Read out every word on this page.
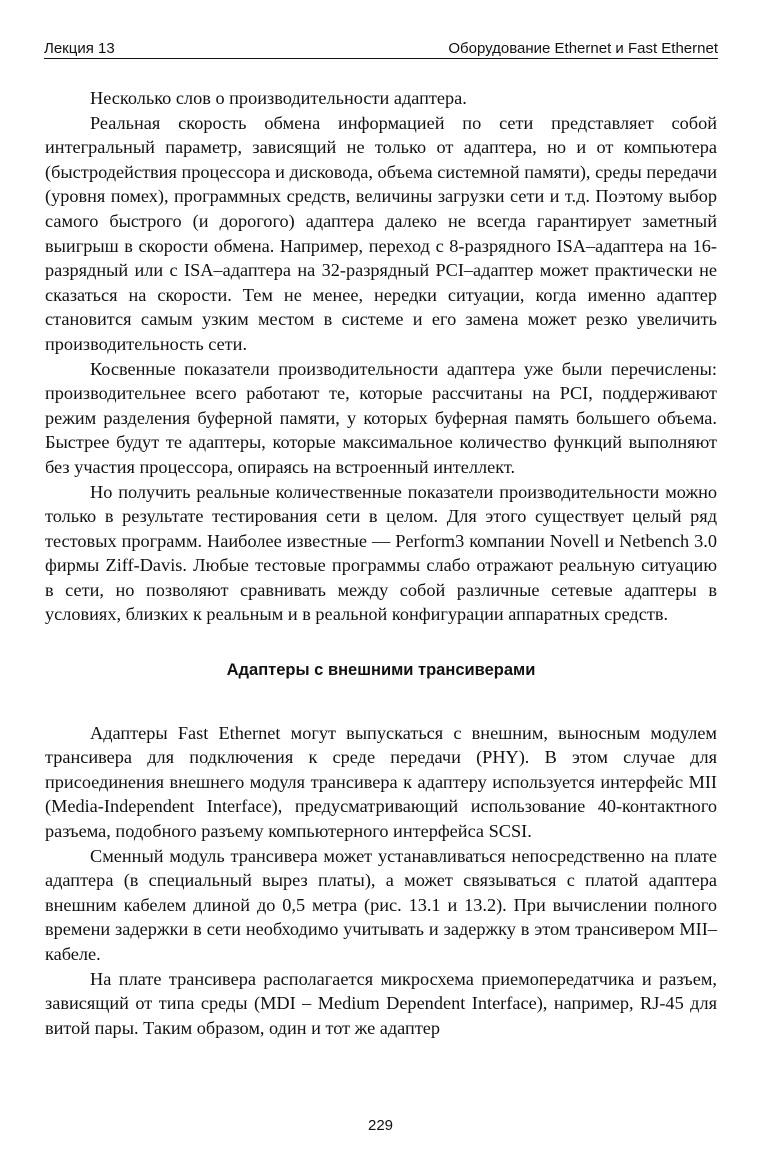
Лекция 13	Оборудование Ethernet и Fast Ethernet

Несколько слов о производительности адаптера.

Реальная скорость обмена информацией по сети представляет собой интегральный параметр, зависящий не только от адаптера, но и от компьютера (быстродействия процессора и дисковода, объема системной памяти), среды передачи (уровня помех), программных средств, величины загрузки сети и т.д. Поэтому выбор самого быстрого (и дорогого) адаптера далеко не всегда гарантирует заметный выигрыш в скорости обмена. Например, переход с 8-разрядного ISA–адаптера на 16-разрядный или с ISA–адаптера на 32-разрядный PCI–адаптер может практически не сказаться на скорости. Тем не менее, нередки ситуации, когда именно адаптер становится самым узким местом в системе и его замена может резко увеличить производительность сети.

Косвенные показатели производительности адаптера уже были перечислены: производительнее всего работают те, которые рассчитаны на PCI, поддерживают режим разделения буферной памяти, у которых буферная память большего объема. Быстрее будут те адаптеры, которые максимальное количество функций выполняют без участия процессора, опираясь на встроенный интеллект.

Но получить реальные количественные показатели производительности можно только в результате тестирования сети в целом. Для этого существует целый ряд тестовых программ. Наиболее известные — Perform3 компании Novell и Netbench 3.0 фирмы Ziff-Davis. Любые тестовые программы слабо отражают реальную ситуацию в сети, но позволяют сравнивать между собой различные сетевые адаптеры в условиях, близких к реальным и в реальной конфигурации аппаратных средств.

Адаптеры с внешними трансиверами

Адаптеры Fast Ethernet могут выпускаться с внешним, выносным модулем трансивера для подключения к среде передачи (PHY). В этом случае для присоединения внешнего модуля трансивера к адаптеру используется интерфейс MII (Media-Independent Interface), предусматривающий использование 40-контактного разъема, подобного разъему компьютерного интерфейса SCSI.

Сменный модуль трансивера может устанавливаться непосредственно на плате адаптера (в специальный вырез платы), а может связываться с платой адаптера внешним кабелем длиной до 0,5 метра (рис. 13.1 и 13.2). При вычислении полного времени задержки в сети необходимо учитывать и задержку в этом трансивером MII–кабеле.

На плате трансивера располагается микросхема приемопередатчика и разъем, зависящий от типа среды (MDI – Medium Dependent Interface), например, RJ-45 для витой пары. Таким образом, один и тот же адаптер

229
